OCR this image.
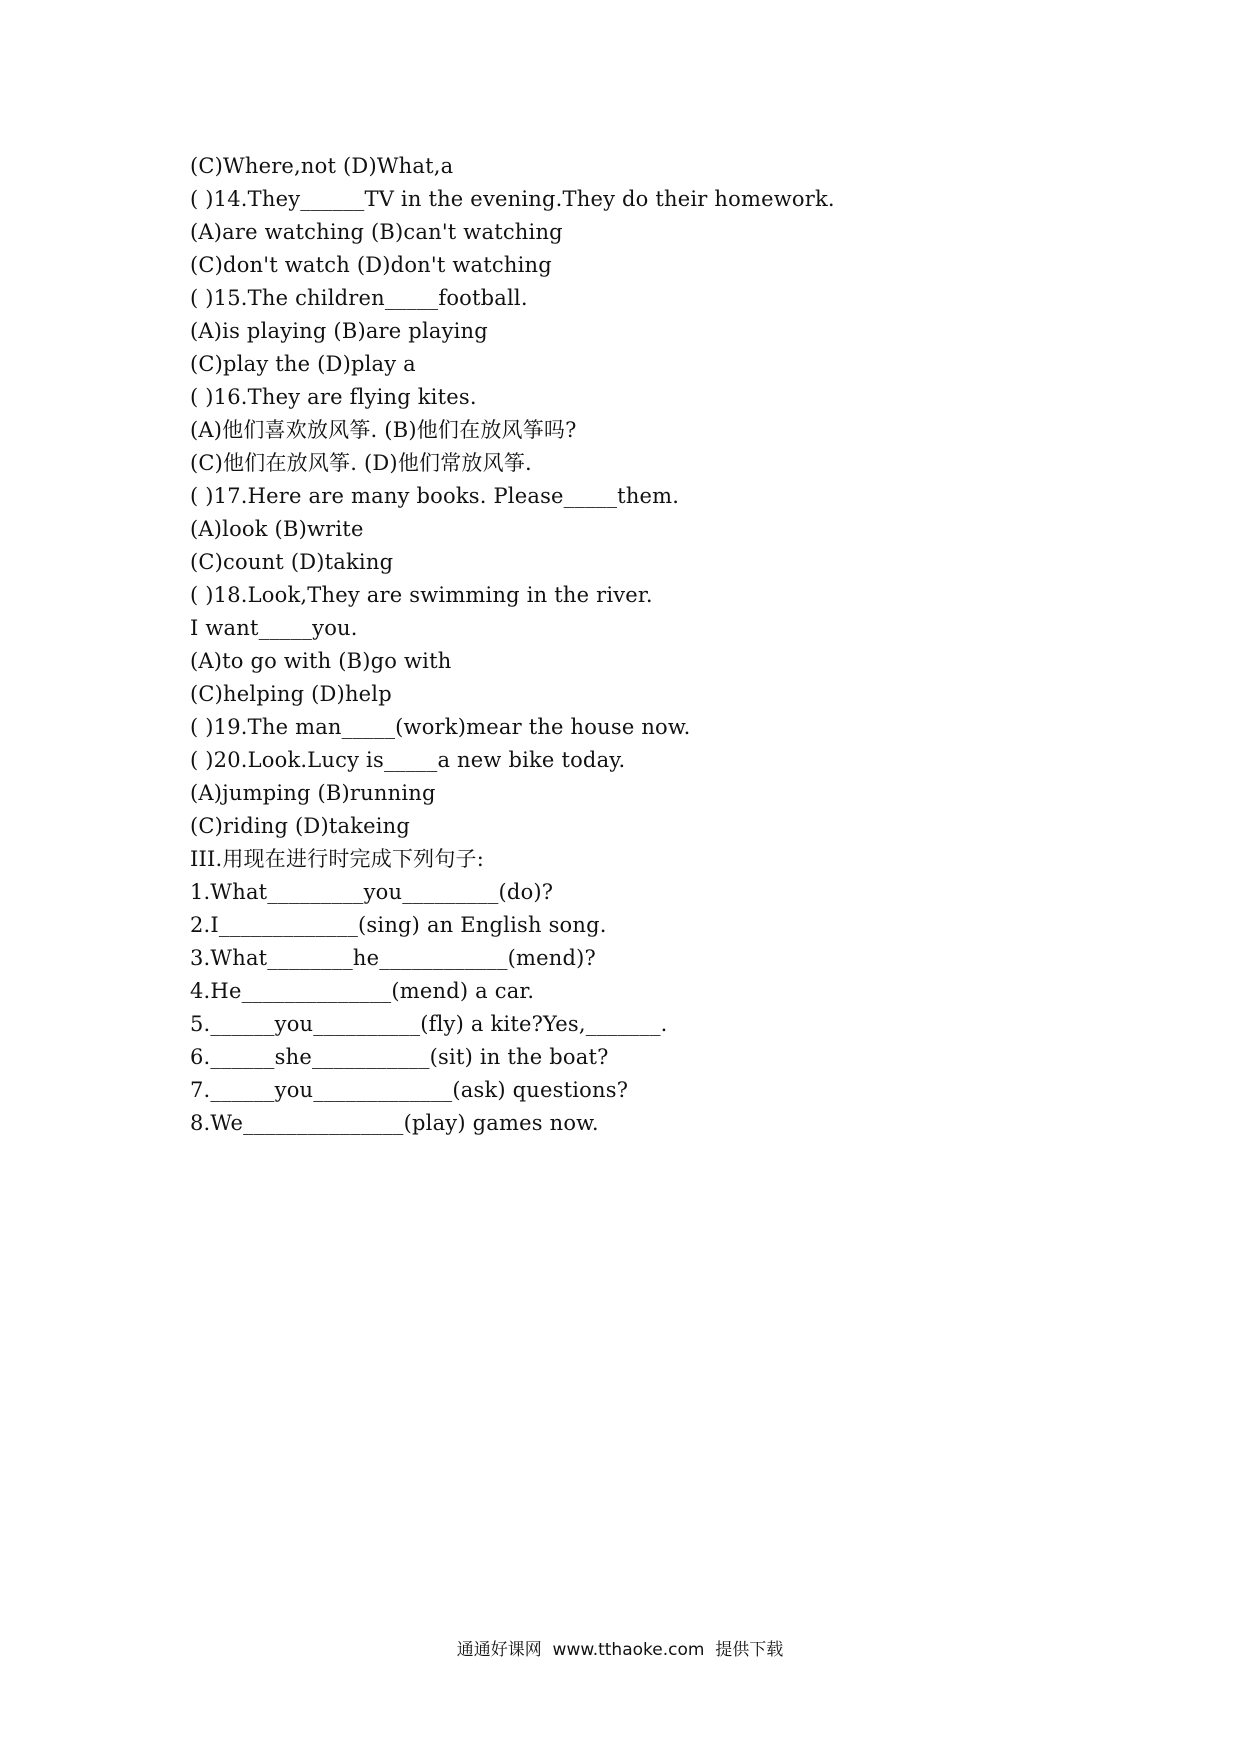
(C)Where,not (D)What,a
( )14.They______TV in the evening.They do their homework.
(A)are watching (B)can't watching
(C)don't watch (D)don't watching
( )15.The children_____football.
(A)is playing (B)are playing
(C)play the (D)play a
( )16.They are flying kites.
(A)他们喜欢放风筝. (B)他们在放风筝吗?
(C)他们在放风筝. (D)他们常放风筝.
( )17.Here are many books. Please_____them.
(A)look (B)write
(C)count (D)taking
( )18.Look,They are swimming in the river.
I want_____you.
(A)to go with (B)go with
(C)helping (D)help
( )19.The man_____(work)mear the house now.
( )20.Look.Lucy is_____a new bike today.
(A)jumping (B)running
(C)riding (D)takeing
III.用现在进行时完成下列句子:
1.What_________you_________(do)?
2.I_____________(sing) an English song.
3.What________he____________(mend)?
4.He______________(mend) a car.
5.______you__________(fly) a kite?Yes,_______.
6.______she___________(sit) in the boat?
7.______you_____________(ask) questions?
8.We_______________(play) games now.
通通好课网  www.tthaoke.com  提供下载
